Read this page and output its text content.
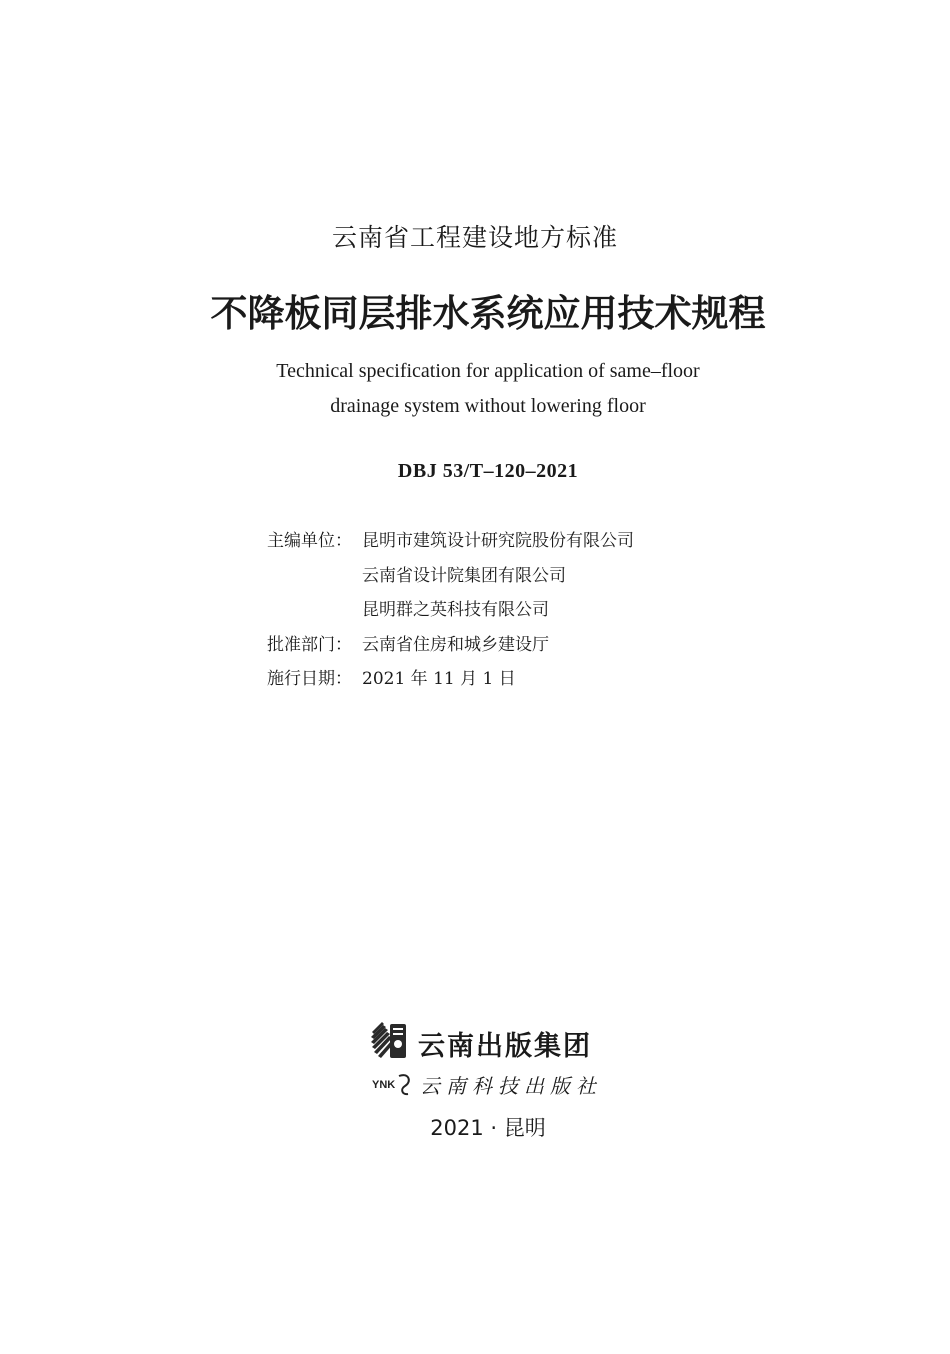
云南省工程建设地方标准
不降板同层排水系统应用技术规程
Technical specification for application of same–floor
drainage system without lowering floor
DBJ 53/T–120–2021
主编单位： 昆明市建筑设计研究院股份有限公司
云南省设计院集团有限公司
昆明群之英科技有限公司
批准部门： 云南省住房和城乡建设厅
施行日期： 2021 年 11 月 1 日
云南出版集团
YNK 云南科技出版社
2021 · 昆明
